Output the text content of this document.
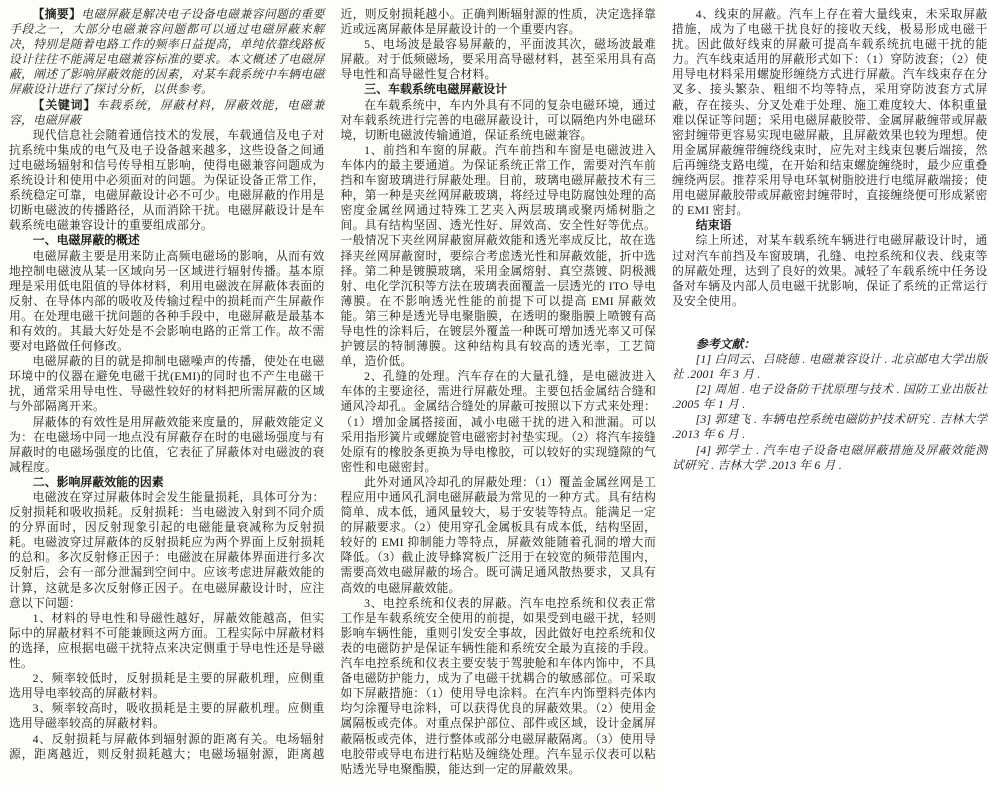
【摘要】电磁屏蔽是解决电子设备电磁兼容问题的重要手段之一，大部分电磁兼容问题都可以通过电磁屏蔽来解决，特别是随着电路工作的频率日益提高，单纯依靠线路板设计往往不能满足电磁兼容标准的要求。本文概述了电磁屏蔽，阐述了影响屏蔽效能的因素，对某车载系统中车辆电磁屏蔽设计进行了探讨分析，以供参考。

【关键词】车载系统，屏蔽材料，屏蔽效能，电磁兼容，电磁屏蔽

现代信息社会随着通信技术的发展，车载通信及电子对抗系统中集成的电气及电子设备越来越多，这些设备之间通过电磁场辐射和信号传导相互影响，使得电磁兼容问题成为系统设计和使用中必须面对的问题。为保证设备正常工作，系统稳定可靠，电磁屏蔽设计必不可少。电磁屏蔽的作用是切断电磁波的传播路径，从而消除干扰。电磁屏蔽设计是车载系统电磁兼容设计的重要组成部分。

一、电磁屏蔽的概述

电磁屏蔽主要是用来防止高频电磁场的影响，从而有效地控制电磁波从某一区域向另一区域进行辐射传播。基本原理是采用低电阻值的导体材料，利用电磁波在屏蔽体表面的反射、在导体内部的吸收及传输过程中的损耗而产生屏蔽作用。在处理电磁干扰问题的各种手段中，电磁屏蔽是最基本和有效的。其最大好处是不会影响电路的正常工作。故不需要对电路做任何修改。

电磁屏蔽的目的就是抑制电磁噪声的传播，使处在电磁环境中的仪器在避免电磁干扰(EMI)的同时也不产生电磁干扰，通常采用导电性、导磁性较好的材料把所需屏蔽的区域与外部隔离开来。

屏蔽体的有效性是用屏蔽效能来度量的，屏蔽效能定义为：在电磁场中同一地点没有屏蔽存在时的电磁场强度与有屏蔽时的电磁场强度的比值，它表征了屏蔽体对电磁波的衰减程度。

二、影响屏蔽效能的因素

电磁波在穿过屏蔽体时会发生能量损耗，具体可分为：反射损耗和吸收损耗。反射损耗：当电磁波入射到不同介质的分界面时，因反射现象引起的电磁能量衰减称为反射损耗。电磁波穿过屏蔽体的反射损耗应为两个界面上反射损耗的总和。多次反射修正因子：电磁波在屏蔽体界面进行多次反射后，会有一部分泄漏到空间中。应该考虑进屏蔽效能的计算，这就是多次反射修正因子。在电磁屏蔽设计时，应注意以下问题：

1、材料的导电性和导磁性越好，屏蔽效能越高，但实际中的屏蔽材料不可能兼顾这两方面。工程实际中屏蔽材料的选择，应根据电磁干扰特点来决定侧重于导电性还是导磁性。

2、频率较低时，反射损耗是主要的屏蔽机理，应侧重选用导电率较高的屏蔽材料。

3、频率较高时，吸收损耗是主要的屏蔽机理。应侧重选用导磁率较高的屏蔽材料。

4、反射损耗与屏蔽体到辐射源的距离有关。电场辐射源，距离越近，则反射损耗越大；电磁场辐射源，距离越近，则反射损耗越小。正确判断辐射源的性质，决定选择靠近或远离屏蔽体是屏蔽设计的一个重要内容。

5、电场波是最容易屏蔽的，平面波其次，磁场波最难屏蔽。对于低频磁场，要采用高导磁材料，甚至采用具有高导电性和高导磁性复合材料。

三、车载系统电磁屏蔽设计

在车载系统中，车内外具有不同的复杂电磁环境，通过对车载系统进行完善的电磁屏蔽设计，可以隔绝内外电磁环境，切断电磁波传输通道，保证系统电磁兼容。

1、前挡和车窗的屏蔽。汽车前挡和车窗是电磁波进入车体内的最主要通道。为保证系统正常工作，需要对汽车前挡和车窗玻璃进行屏蔽处理。目前，玻璃电磁屏蔽技术有三种，第一种是夹丝网屏蔽玻璃，将经过导电防腐蚀处理的高密度金属丝网通过特殊工艺夹入两层玻璃或聚丙烯树脂之间。具有结构坚固、透光性好、屏效高、安全性好等优点。一般情况下夹丝网屏蔽窗屏蔽效能和透光率成反比，故在选择夹丝网屏蔽窗时，要综合考虑透光性和屏蔽效能，折中选择。第二种是镀膜玻璃，采用金属熔射、真空蒸镀、阴极溅射、电化学沉积等方法在玻璃表面覆盖一层透光的 ITO 导电薄膜。在不影响透光性能的前提下可以提高 EMI 屏蔽效能。第三种是透光导电聚脂膜，在透明的聚脂膜上喷镀有高导电性的涂料后，在镀层外覆盖一种既可增加透光率又可保护镀层的特制薄膜。这种结构具有较高的透光率，工艺简单，造价低。

2、孔缝的处理。汽车存在的大量孔缝，是电磁波进入车体的主要途径，需进行屏蔽处理。主要包括金属结合缝和通风冷却孔。金属结合缝处的屏蔽可按照以下方式来处理：（1）增加金属搭接面，减小电磁干扰的进入和泄漏。可以采用指形簧片或螺旋管电磁密封衬垫实现。（2）将汽车接缝处原有的橡胶条更换为导电橡胶，可以较好的实现缝隙的气密性和电磁密封。

此外对通风冷却孔的屏蔽处理：（1）覆盖金属丝网是工程应用中通风孔洞电磁屏蔽最为常见的一种方式。具有结构简单、成本低，通风量较大，易于安装等特点。能满足一定的屏蔽要求。（2）使用穿孔金属板具有成本低，结构坚固，较好的 EMI 抑制能力等特点，屏蔽效能随着孔洞的增大而降低。（3）截止波导蜂窝板广泛用于在较宽的频带范围内，需要高效电磁屏蔽的场合。既可满足通风散热要求，又具有高效的电磁屏蔽效能。

3、电控系统和仪表的屏蔽。汽车电控系统和仪表正常工作是车载系统安全使用的前提，如果受到电磁干扰，轻则影响车辆性能，重则引发安全事故，因此做好电控系统和仪表的电磁防护是保证车辆性能和系统安全最为直接的手段。汽车电控系统和仪表主要安装于驾驶舱和车体内饰中，不具备电磁防护能力，成为了电磁干扰耦合的敏感部位。可采取如下屏蔽措施：（1）使用导电涂料。在汽车内饰塑料壳体内均匀涂覆导电涂料，可以获得优良的屏蔽效果。（2）使用金属隔板或壳体。对重点保护部位、部件或区域，设计金属屏蔽隔板或壳体，进行整体或部分电磁屏蔽隔离。（3）使用导电胶带或导电布进行粘贴及缠绕处理。汽车显示仪表可以粘贴透光导电聚酯膜，能达到一定的屏蔽效果。

4、线束的屏蔽。汽车上存在着大量线束，未采取屏蔽措施，成为了电磁干扰良好的接收天线，极易形成电磁干扰。因此做好线束的屏蔽可提高车载系统抗电磁干扰的能力。汽车线束适用的屏蔽形式如下：（1）穿防波套；（2）使用导电材料采用螺旋形缠绕方式进行屏蔽。汽车线束存在分叉多、接头繁杂、粗细不均等特点，采用穿防波套方式屏蔽，存在接头、分叉处难于处理、施工难度较大、体积重量难以保证等问题；采用电磁屏蔽胶带、金属屏蔽缠带或屏蔽密封缠带更容易实现电磁屏蔽，且屏蔽效果也较为理想。使用金属屏蔽缠带缠绕线束时，应先对主线束包裹后端接，然后再缠绕支路电缆，在开始和结束螺旋缠绕时，最少应重叠缠绕两层。推荐采用导电环氧树脂胶进行电缆屏蔽端接；使用电磁屏蔽胶带或屏蔽密封缠带时，直接缠绕便可形成紧密的 EMI 密封。

结束语

综上所述，对某车载系统车辆进行电磁屏蔽设计时，通过对汽车前挡及车窗玻璃，孔缝、电控系统和仪表、线束等的屏蔽处理，达到了良好的效果。减轻了车载系统中任务设备对车辆及内部人员电磁干扰影响，保证了系统的正常运行及安全使用。

参考文献：

[1] 白同云、吕晓德 . 电磁兼容设计 . 北京邮电大学出版社 .2001 年 3 月 .

[2] 周旭 . 电子设备防干扰原理与技术 . 国防工业出版社 .2005 年 1 月 .

[3] 郭建飞 . 车辆电控系统电磁防护技术研究 . 吉林大学 .2013 年 6 月 .

[4] 郭学士 . 汽车电子设备电磁屏蔽措施及屏蔽效能测试研究 . 吉林大学 .2013 年 6 月 .
